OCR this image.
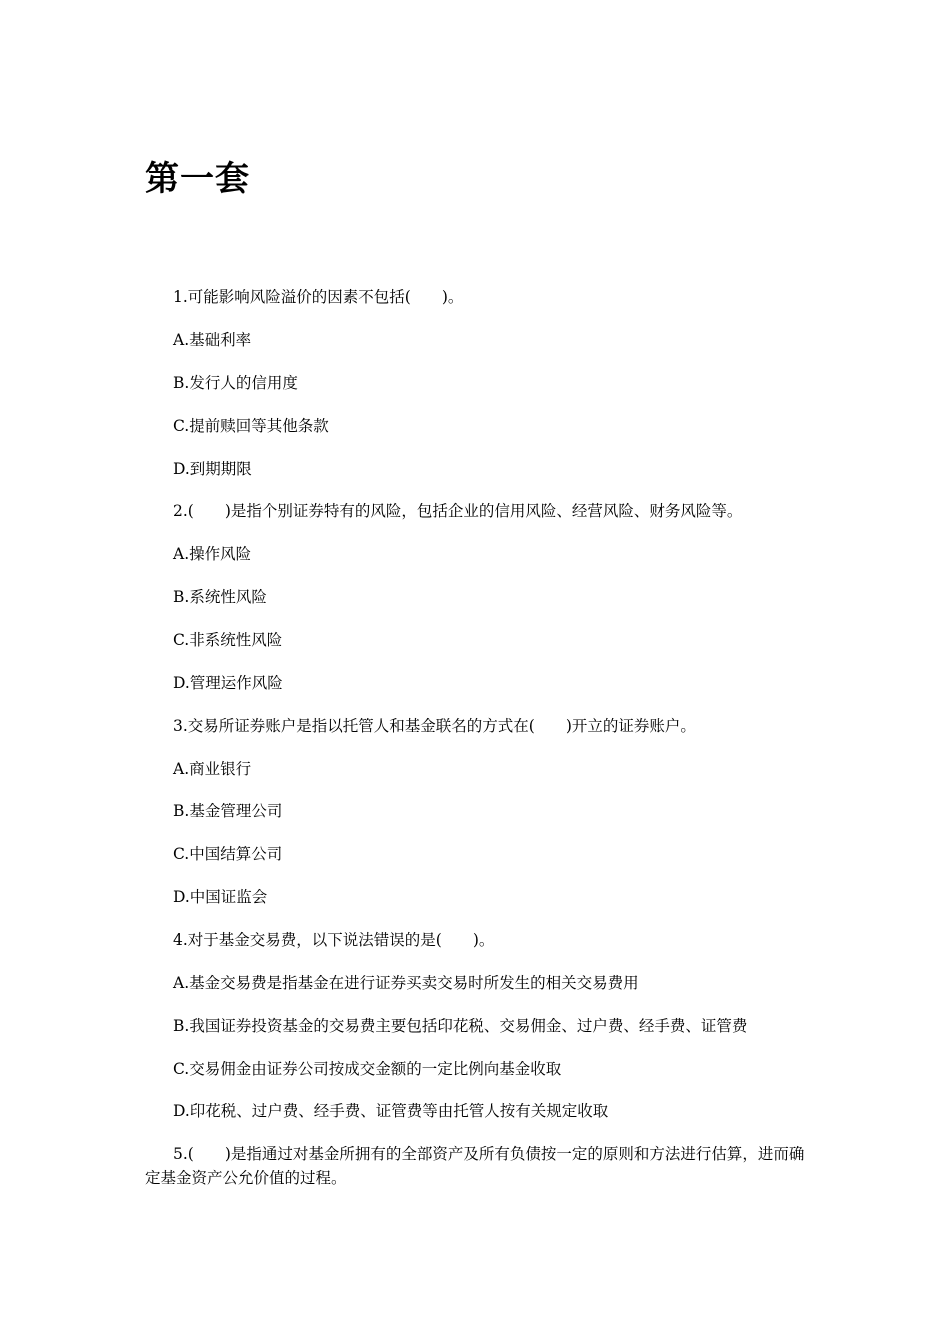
第一套

1.可能影响风险溢价的因素不包括(　　)。

A.基础利率

B.发行人的信用度

C.提前赎回等其他条款

D.到期期限

2.(　　)是指个别证券特有的风险，包括企业的信用风险、经营风险、财务风险等。

A.操作风险

B.系统性风险

C.非系统性风险

D.管理运作风险

3.交易所证券账户是指以托管人和基金联名的方式在(　　)开立的证券账户。

A.商业银行

B.基金管理公司

C.中国结算公司

D.中国证监会

4.对于基金交易费，以下说法错误的是(　　)。

A.基金交易费是指基金在进行证券买卖交易时所发生的相关交易费用

B.我国证券投资基金的交易费主要包括印花税、交易佣金、过户费、经手费、证管费

C.交易佣金由证券公司按成交金额的一定比例向基金收取

D.印花税、过户费、经手费、证管费等由托管人按有关规定收取

5.(　　)是指通过对基金所拥有的全部资产及所有负债按一定的原则和方法进行估算，进而确定基金资产公允价值的过程。
